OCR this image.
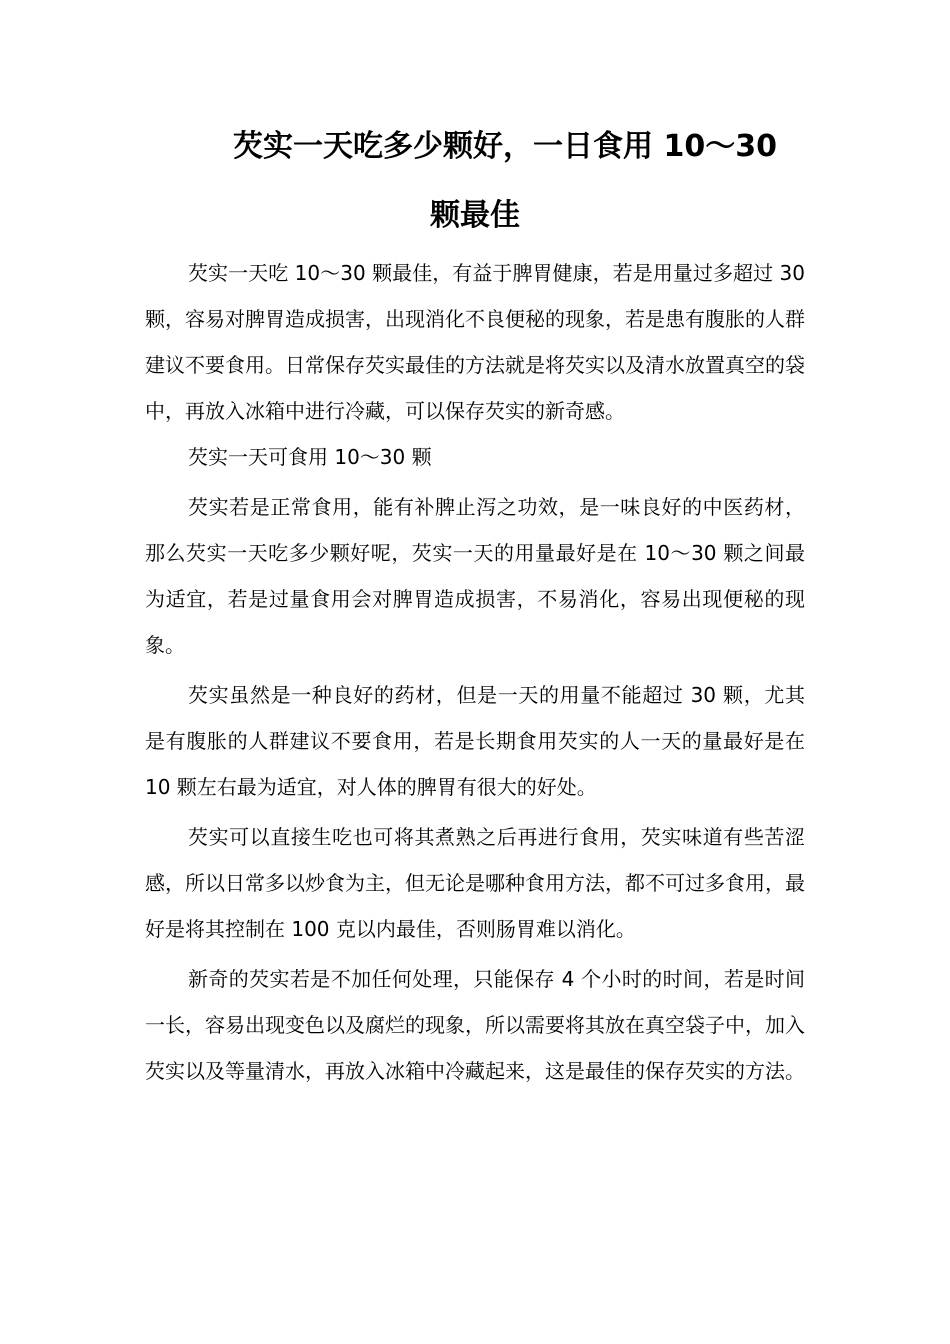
芡实一天吃多少颗好，一日食用 10～30
颗最佳

芡实一天吃 10～30 颗最佳，有益于脾胃健康，若是用量过多超过 30 颗，容易对脾胃造成损害，出现消化不良便秘的现象，若是患有腹胀的人群建议不要食用。日常保存芡实最佳的方法就是将芡实以及清水放置真空的袋中，再放入冰箱中进行冷藏，可以保存芡实的新奇感。

芡实一天可食用 10～30 颗

芡实若是正常食用，能有补脾止泻之功效，是一味良好的中医药材，那么芡实一天吃多少颗好呢，芡实一天的用量最好是在 10～30 颗之间最为适宜，若是过量食用会对脾胃造成损害，不易消化，容易出现便秘的现象。

芡实虽然是一种良好的药材，但是一天的用量不能超过 30 颗，尤其是有腹胀的人群建议不要食用，若是长期食用芡实的人一天的量最好是在 10 颗左右最为适宜，对人体的脾胃有很大的好处。

芡实可以直接生吃也可将其煮熟之后再进行食用，芡实味道有些苦涩感，所以日常多以炒食为主，但无论是哪种食用方法，都不可过多食用，最好是将其控制在 100 克以内最佳，否则肠胃难以消化。

新奇的芡实若是不加任何处理，只能保存 4 个小时的时间，若是时间一长，容易出现变色以及腐烂的现象，所以需要将其放在真空袋子中，加入芡实以及等量清水，再放入冰箱中冷藏起来，这是最佳的保存芡实的方法。
